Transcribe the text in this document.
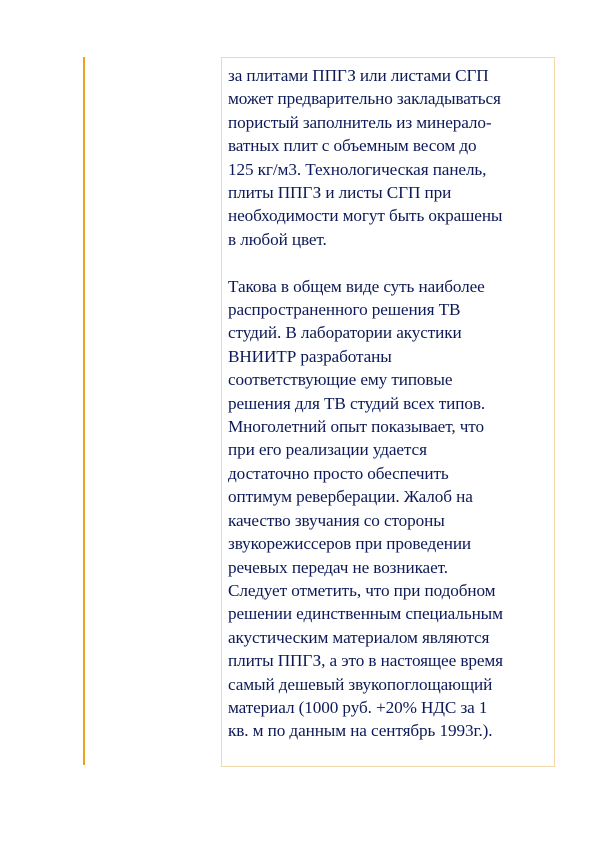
за плитами ППГЗ или листами СГП
может предварительно закладываться
пористый заполнитель из минерало-
ватных плит с объемным весом до
125 кг/м3. Технологическая панель,
плиты ППГЗ и листы СГП при
необходимости могут быть окрашены
в любой цвет.

Такова в общем виде суть наиболее
распространенного решения ТВ
студий. В лаборатории акустики
ВНИИТР разработаны
соответствующие ему типовые
решения для ТВ студий всех типов.
Многолетний опыт показывает, что
при его реализации удается
достаточно просто обеспечить
оптимум реверберации. Жалоб на
качество звучания со стороны
звукорежиссеров при проведении
речевых передач не возникает.
Следует отметить, что при подобном
решении единственным специальным
акустическим материалом являются
плиты ППГЗ, а это в настоящее время
самый дешевый звукопоглощающий
материал (1000 руб. +20% НДС за 1
кв. м по данным на сентябрь 1993г.).
